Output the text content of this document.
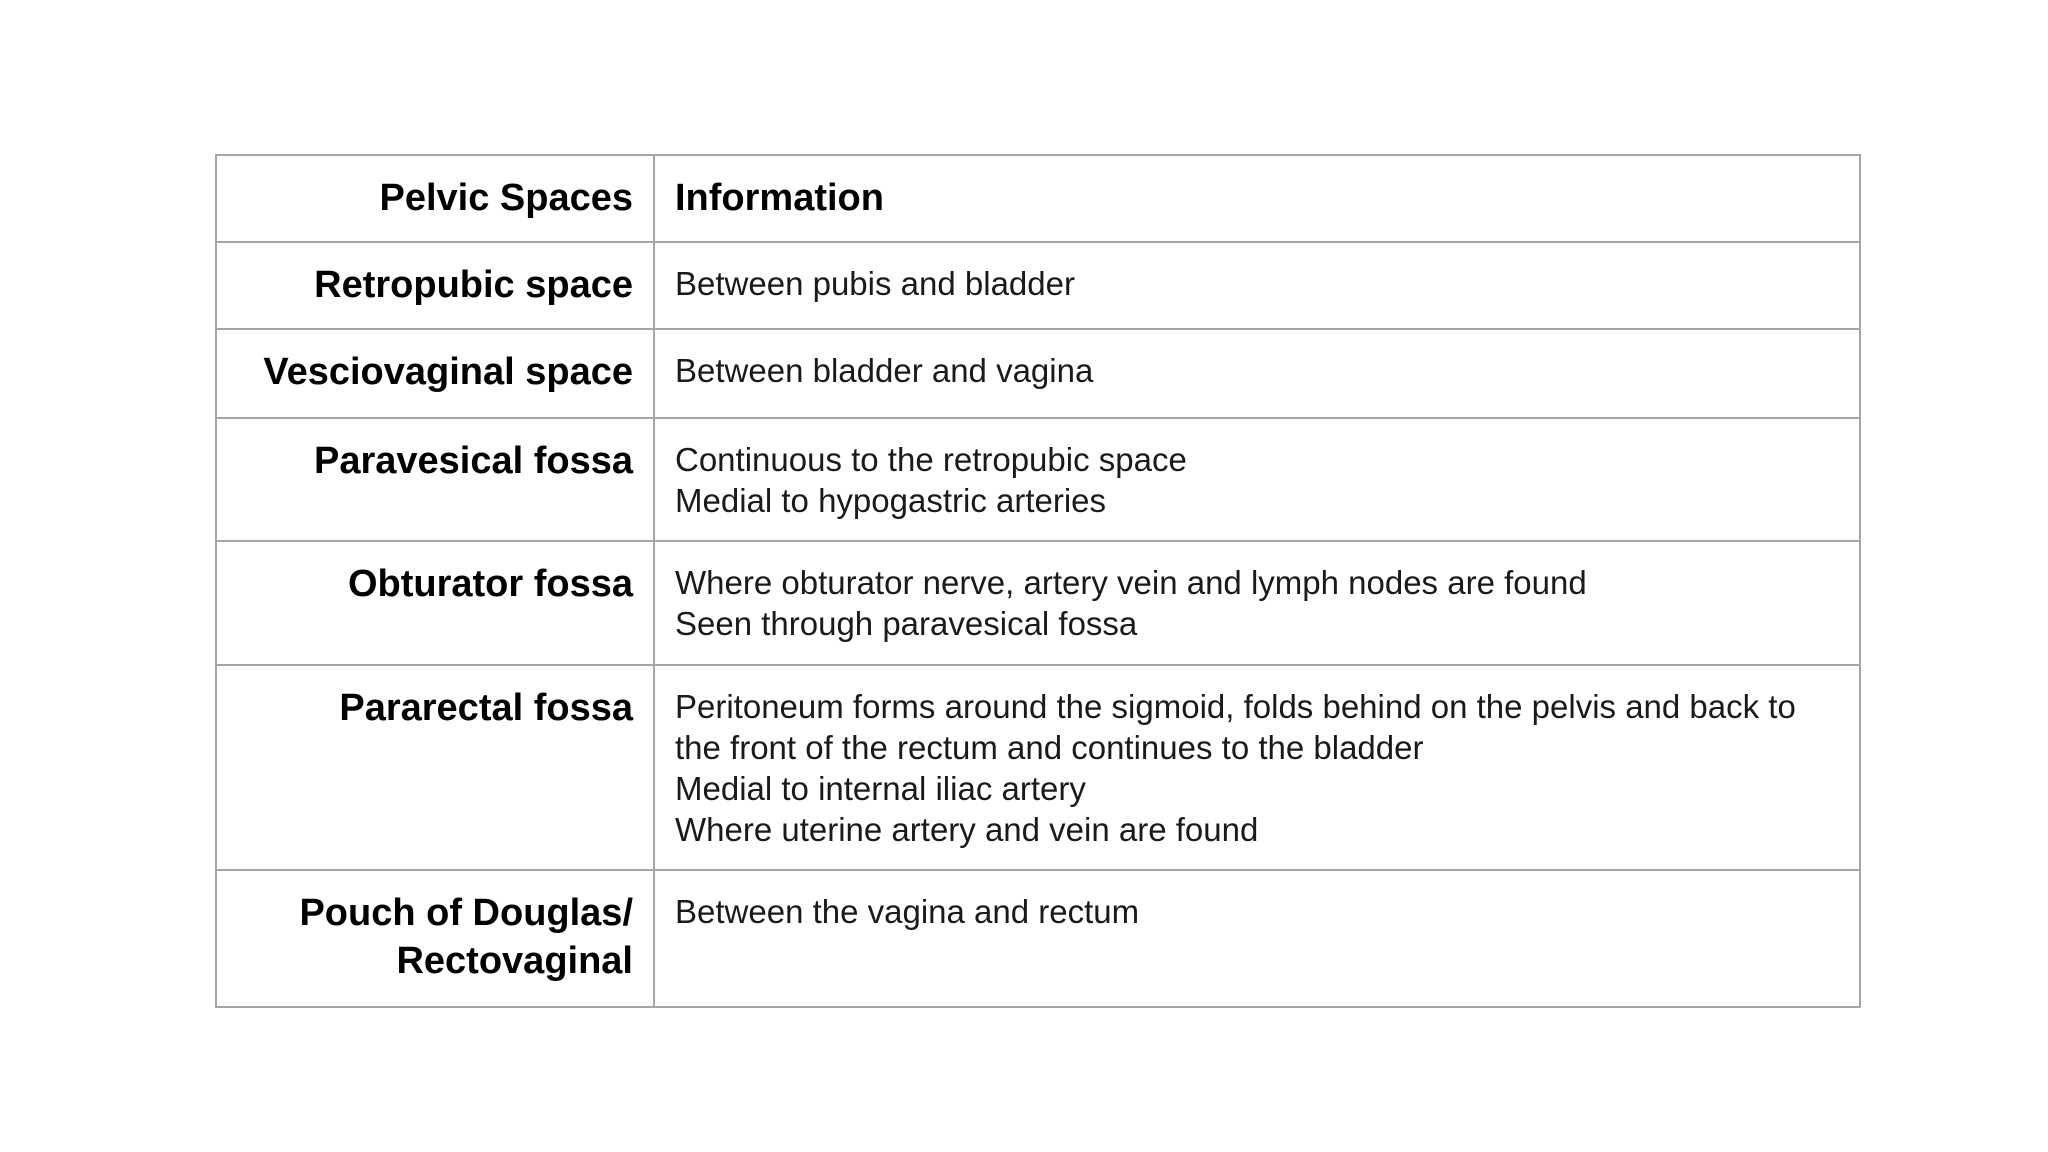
Pelvic Spaces	Information

Retropubic space	Between pubis and bladder

Vesciovaginal space	Between bladder and vagina

Paravesical fossa	Continuous to the retropubic space
Medial to hypogastric arteries

Obturator fossa	Where obturator nerve, artery vein and lymph nodes are found
Seen through paravesical fossa

Pararectal fossa	Peritoneum forms around the sigmoid, folds behind on the pelvis and back to
the front of the rectum and continues to the bladder
Medial to internal iliac artery
Where uterine artery and vein are found

Pouch of Douglas/
Rectovaginal	Between the vagina and rectum
